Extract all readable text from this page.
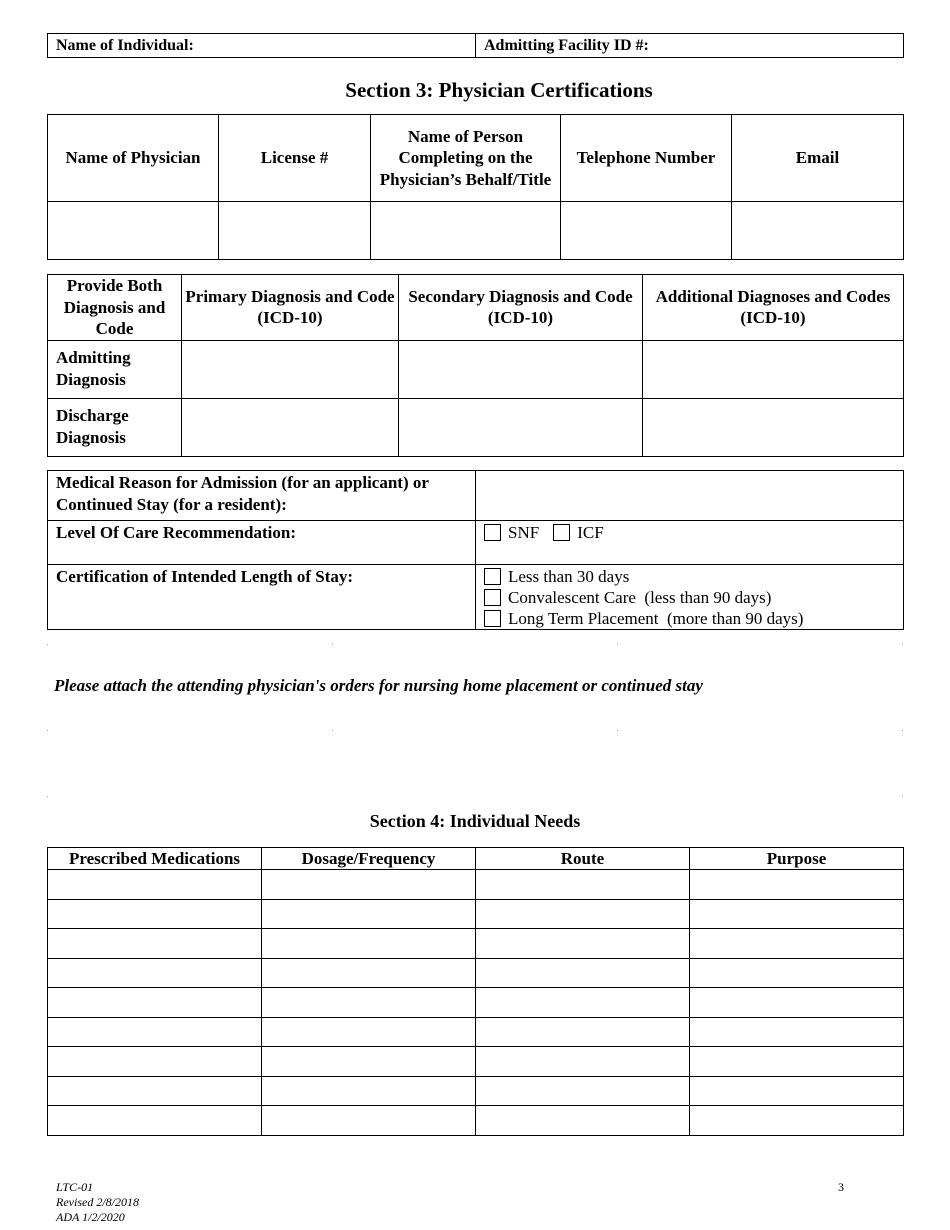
Name of Individual:	Admitting Facility ID #:
Section 3: Physician Certifications
Name of Physician	License #	Name of Person Completing on the Physician’s Behalf/Title	Telephone Number	Email

Provide Both Diagnosis and Code	Primary Diagnosis and Code (ICD-10)	Secondary Diagnosis and Code (ICD-10)	Additional Diagnoses and Codes (ICD-10)
Admitting Diagnosis			
Discharge Diagnosis			
Medical Reason for Admission (for an applicant) or Continued Stay (for a resident):	
Level Of Care Recommendation:	SNF ICF

Certification of Intended Length of Stay:	Less than 30 days
Convalescent Care  (less than 90 days)
Long Term Placement  (more than 90 days)
Please attach the attending physician's orders for nursing home placement or continued stay
Section 4: Individual Needs
Prescribed Medications	Dosage/Frequency	Route	Purpose

LTC-01
Revised 2/8/2018
ADA 1/2/2020
3
